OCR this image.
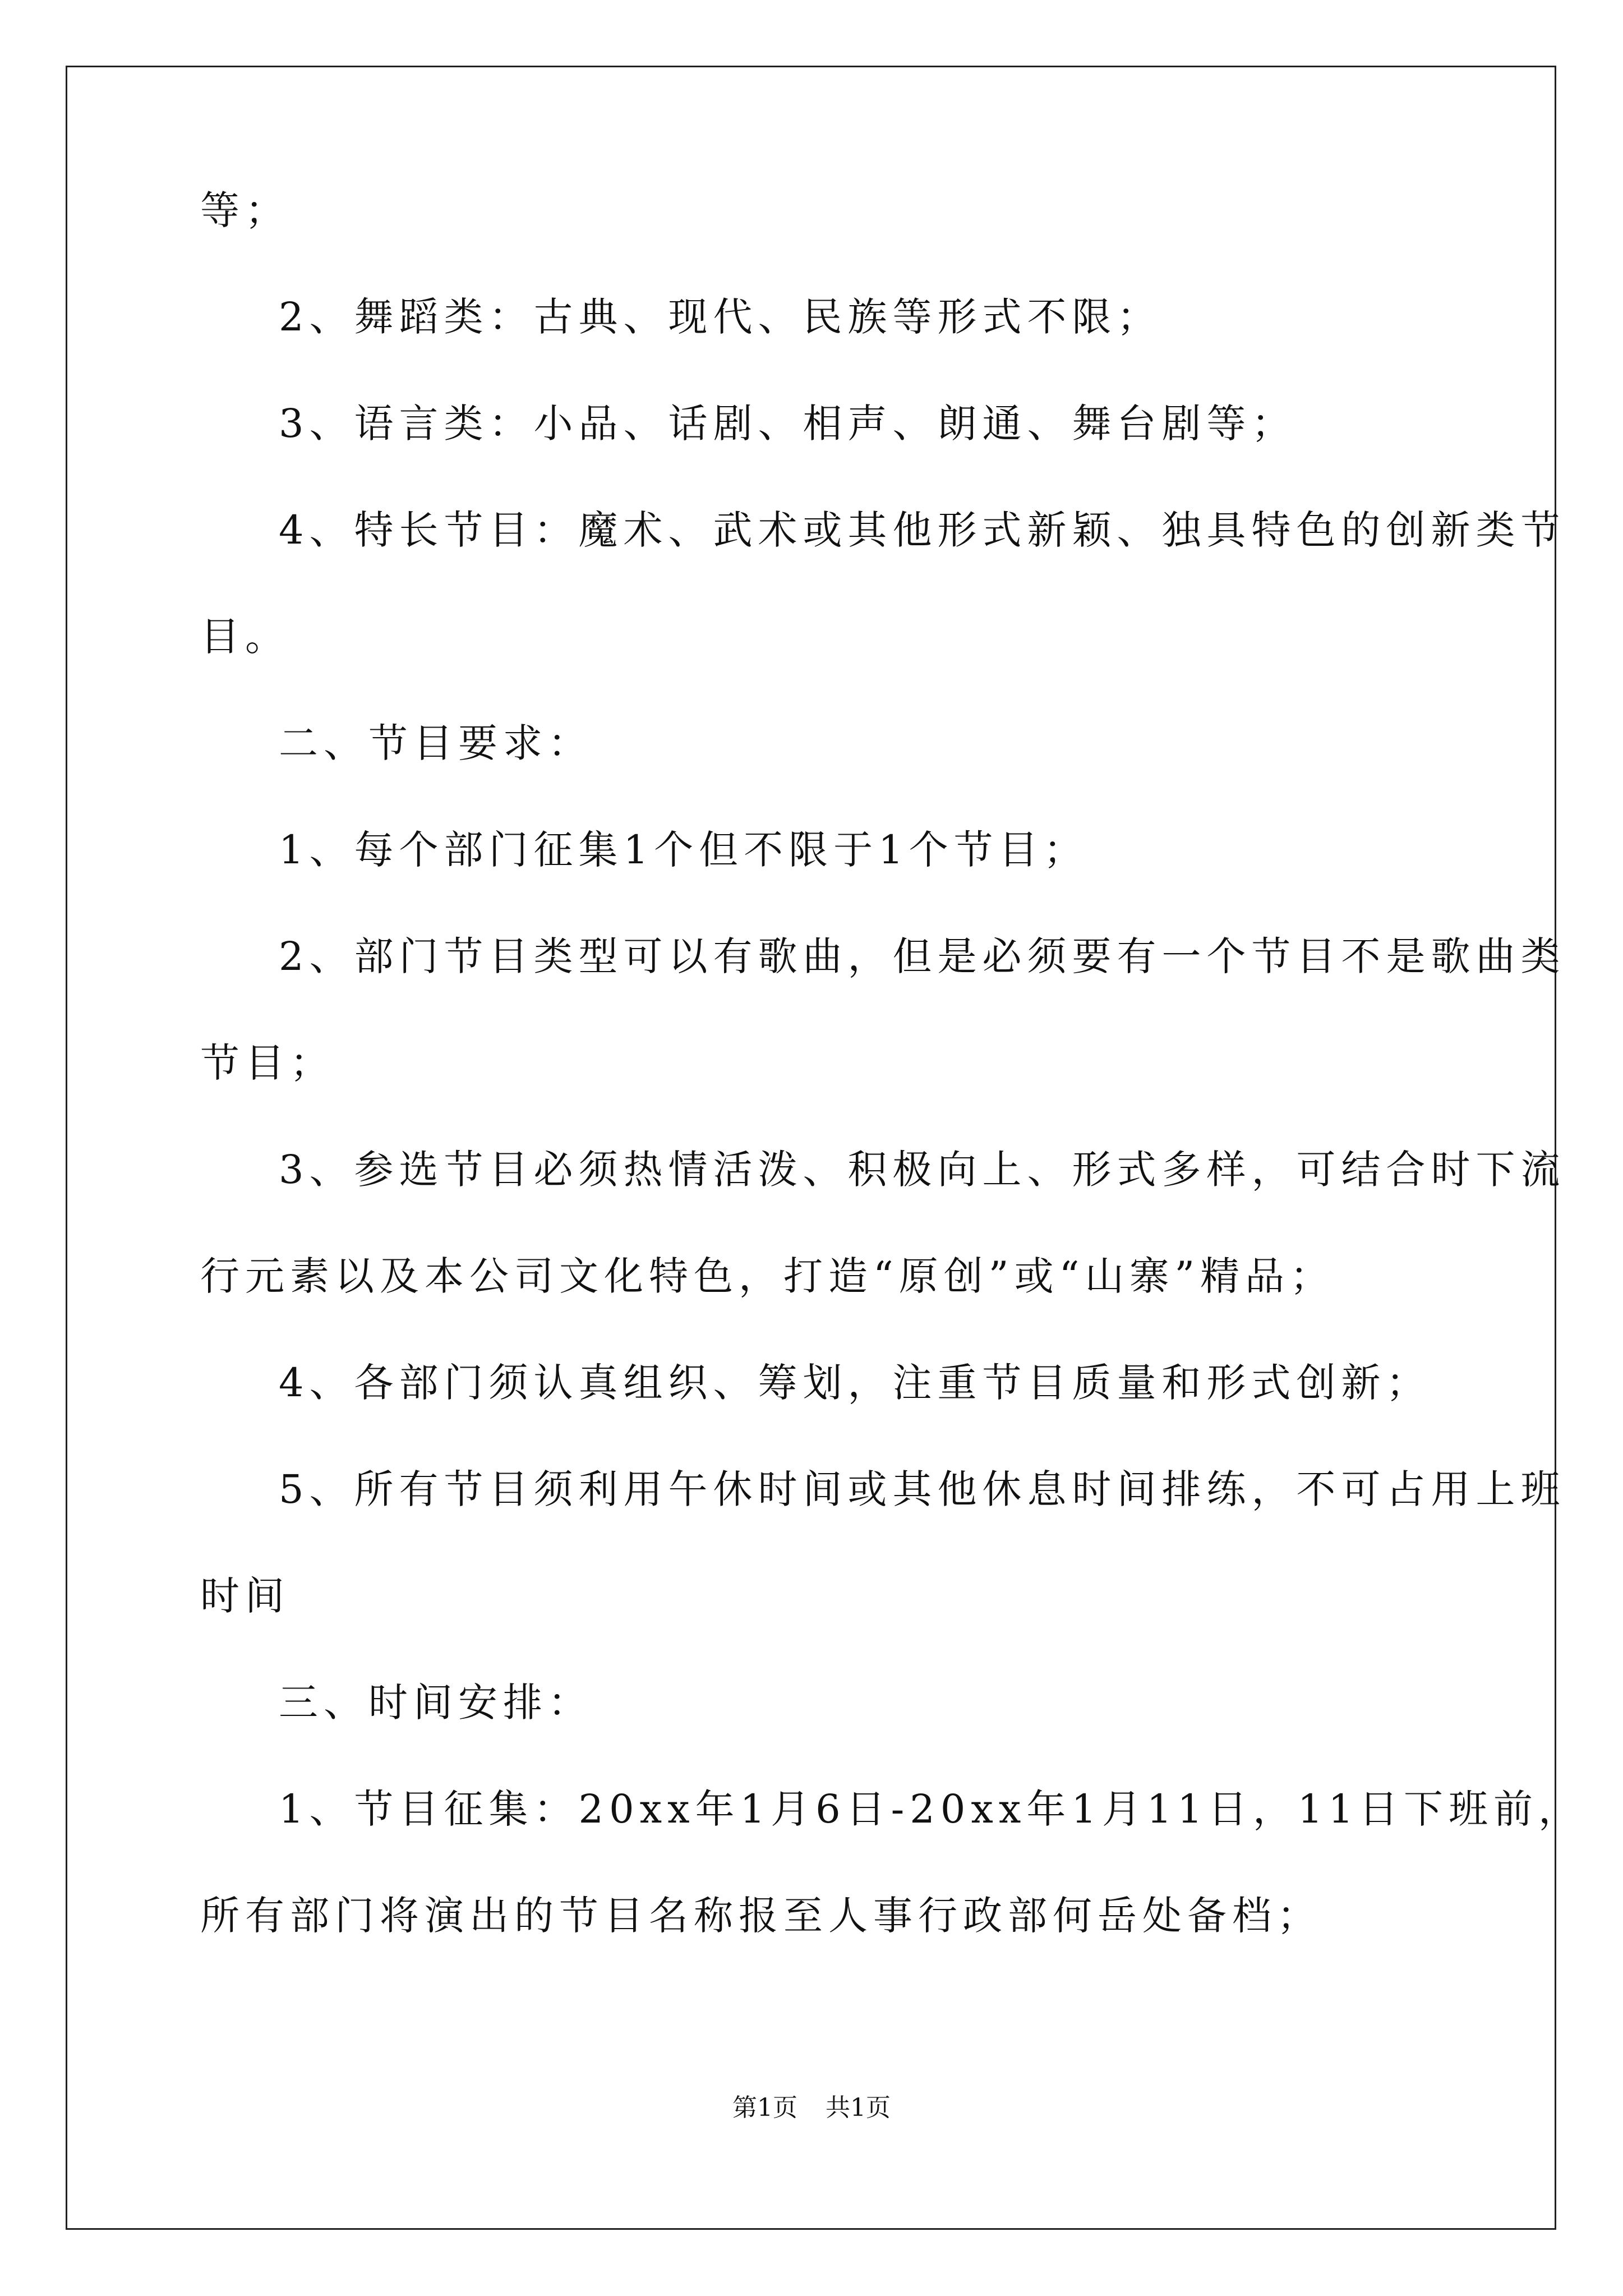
等；
2、舞蹈类：古典、现代、民族等形式不限；
3、语言类：小品、话剧、相声、朗通、舞台剧等；
4、特长节目：魔术、武术或其他形式新颖、独具特色的创新类节
目。
二、节目要求：
1、每个部门征集1个但不限于1个节目；
2、部门节目类型可以有歌曲，但是必须要有一个节目不是歌曲类
节目；
3、参选节目必须热情活泼、积极向上、形式多样，可结合时下流
行元素以及本公司文化特色，打造“原创”或“山寨”精品；
4、各部门须认真组织、筹划，注重节目质量和形式创新；
5、所有节目须利用午休时间或其他休息时间排练，不可占用上班
时间
三、时间安排：
1、节目征集：20xx年1月6日-20xx年1月11日，11日下班前，
所有部门将演出的节目名称报至人事行政部何岳处备档；
第1页 共1页
